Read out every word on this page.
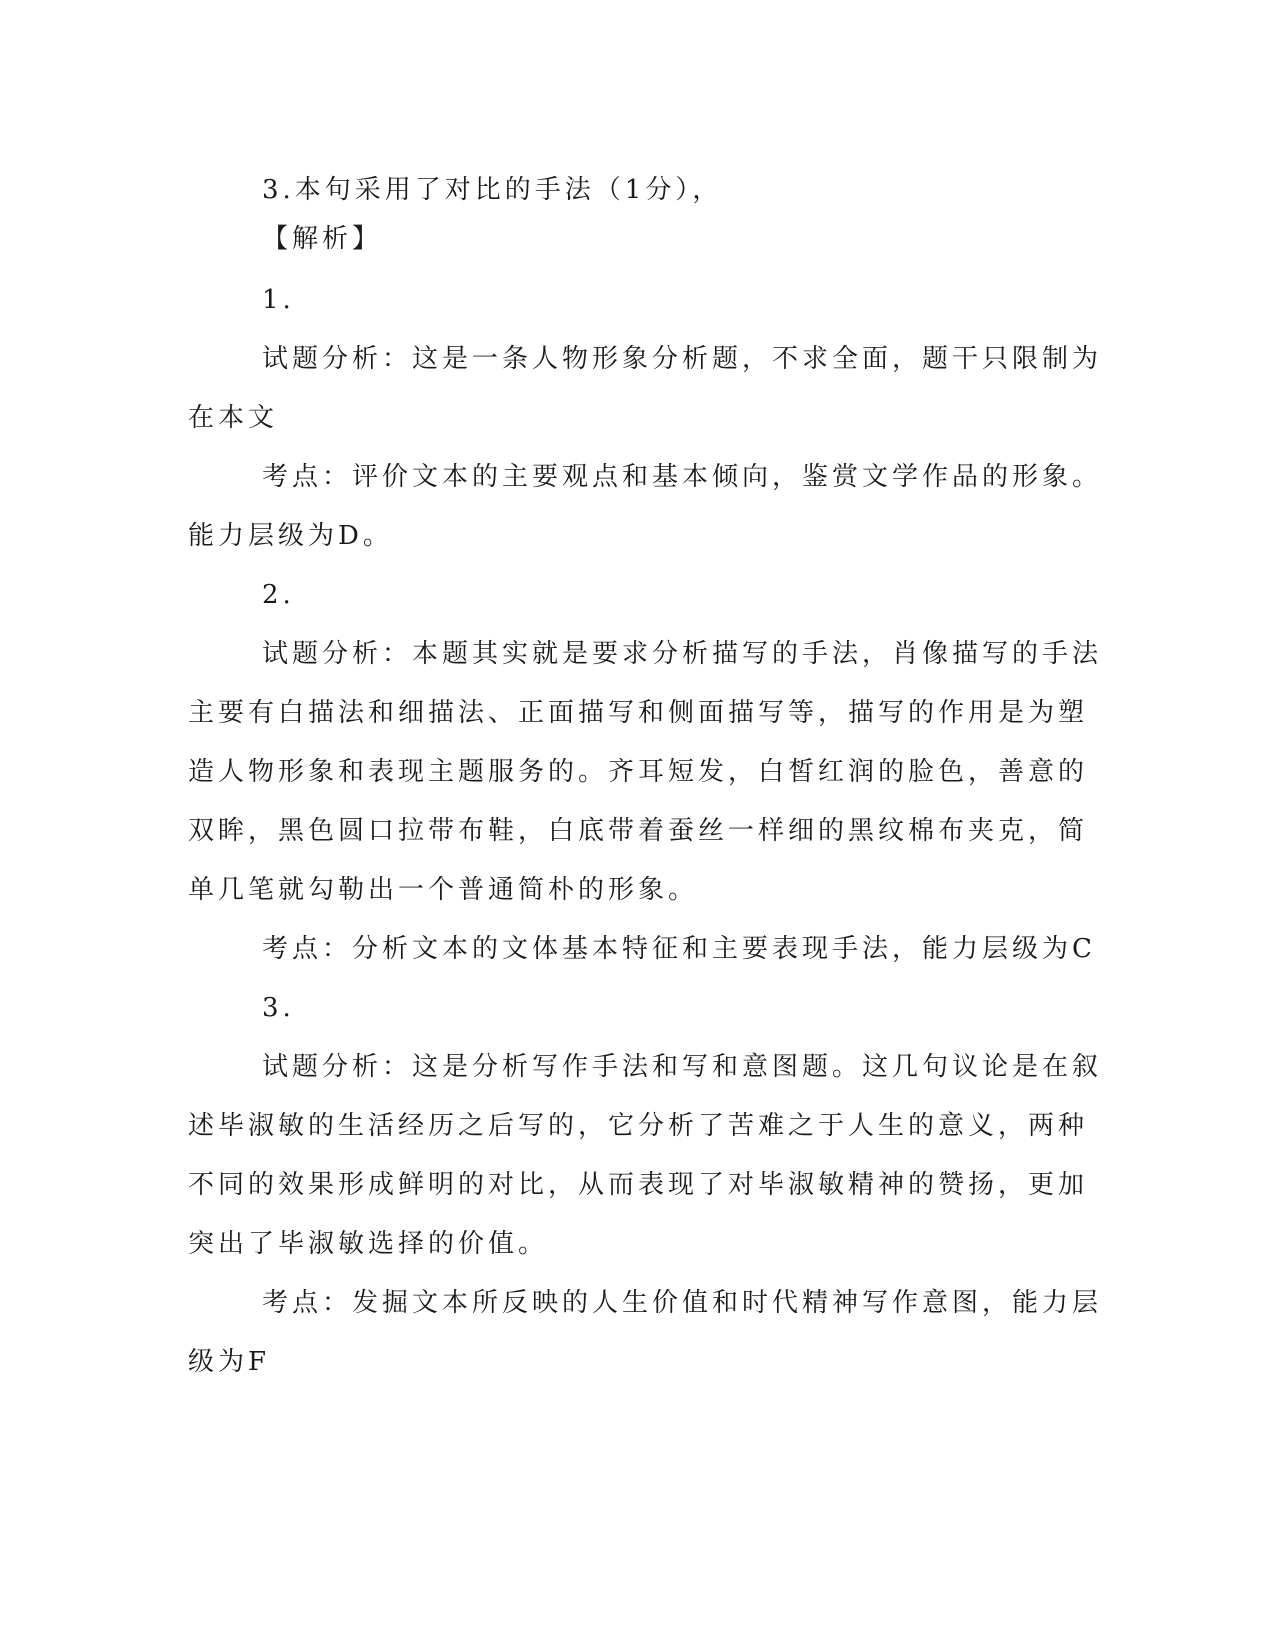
3.本句采用了对比的手法（1分），
【解析】
1.
试题分析：这是一条人物形象分析题，不求全面，题干只限制为
在本文
考点：评价文本的主要观点和基本倾向，鉴赏文学作品的形象。
能力层级为D。
2.
试题分析：本题其实就是要求分析描写的手法，肖像描写的手法
主要有白描法和细描法、正面描写和侧面描写等，描写的作用是为塑
造人物形象和表现主题服务的。齐耳短发，白皙红润的脸色，善意的
双眸，黑色圆口拉带布鞋，白底带着蚕丝一样细的黑纹棉布夹克，简
单几笔就勾勒出一个普通简朴的形象。
考点：分析文本的文体基本特征和主要表现手法，能力层级为C
3.
试题分析：这是分析写作手法和写和意图题。这几句议论是在叙
述毕淑敏的生活经历之后写的，它分析了苦难之于人生的意义，两种
不同的效果形成鲜明的对比，从而表现了对毕淑敏精神的赞扬，更加
突出了毕淑敏选择的价值。
考点：发掘文本所反映的人生价值和时代精神写作意图，能力层
级为F
